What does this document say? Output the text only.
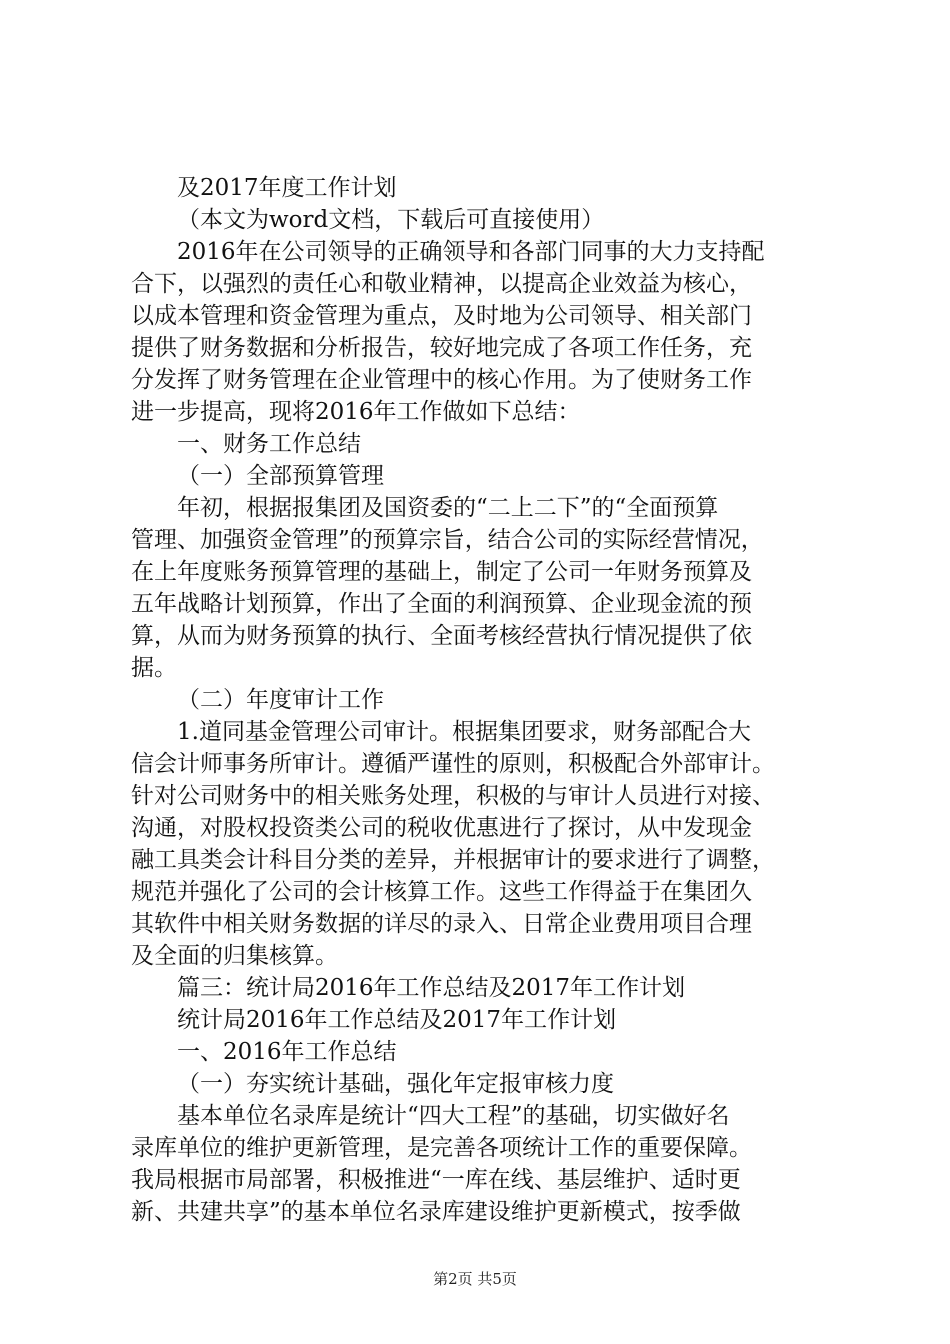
及2017年度工作计划
（本文为word文档，下载后可直接使用）
2016年在公司领导的正确领导和各部门同事的大力支持配
合下，以强烈的责任心和敬业精神，以提高企业效益为核心，
以成本管理和资金管理为重点，及时地为公司领导、相关部门
提供了财务数据和分析报告，较好地完成了各项工作任务，充
分发挥了财务管理在企业管理中的核心作用。为了使财务工作
进一步提高，现将2016年工作做如下总结：
一、财务工作总结
（一）全部预算管理
年初，根据报集团及国资委的“二上二下”的“全面预算
管理、加强资金管理”的预算宗旨，结合公司的实际经营情况，
在上年度账务预算管理的基础上，制定了公司一年财务预算及
五年战略计划预算，作出了全面的利润预算、企业现金流的预
算，从而为财务预算的执行、全面考核经营执行情况提供了依
据。
（二）年度审计工作
1.道同基金管理公司审计。根据集团要求，财务部配合大
信会计师事务所审计。遵循严谨性的原则，积极配合外部审计。
针对公司财务中的相关账务处理，积极的与审计人员进行对接、
沟通，对股权投资类公司的税收优惠进行了探讨，从中发现金
融工具类会计科目分类的差异，并根据审计的要求进行了调整，
规范并强化了公司的会计核算工作。这些工作得益于在集团久
其软件中相关财务数据的详尽的录入、日常企业费用项目合理
及全面的归集核算。
篇三：统计局2016年工作总结及2017年工作计划
统计局2016年工作总结及2017年工作计划
一、2016年工作总结
（一）夯实统计基础，强化年定报审核力度
基本单位名录库是统计“四大工程”的基础，切实做好名
录库单位的维护更新管理，是完善各项统计工作的重要保障。
我局根据市局部署，积极推进“一库在线、基层维护、适时更
新、共建共享”的基本单位名录库建设维护更新模式，按季做
第2页 共5页
